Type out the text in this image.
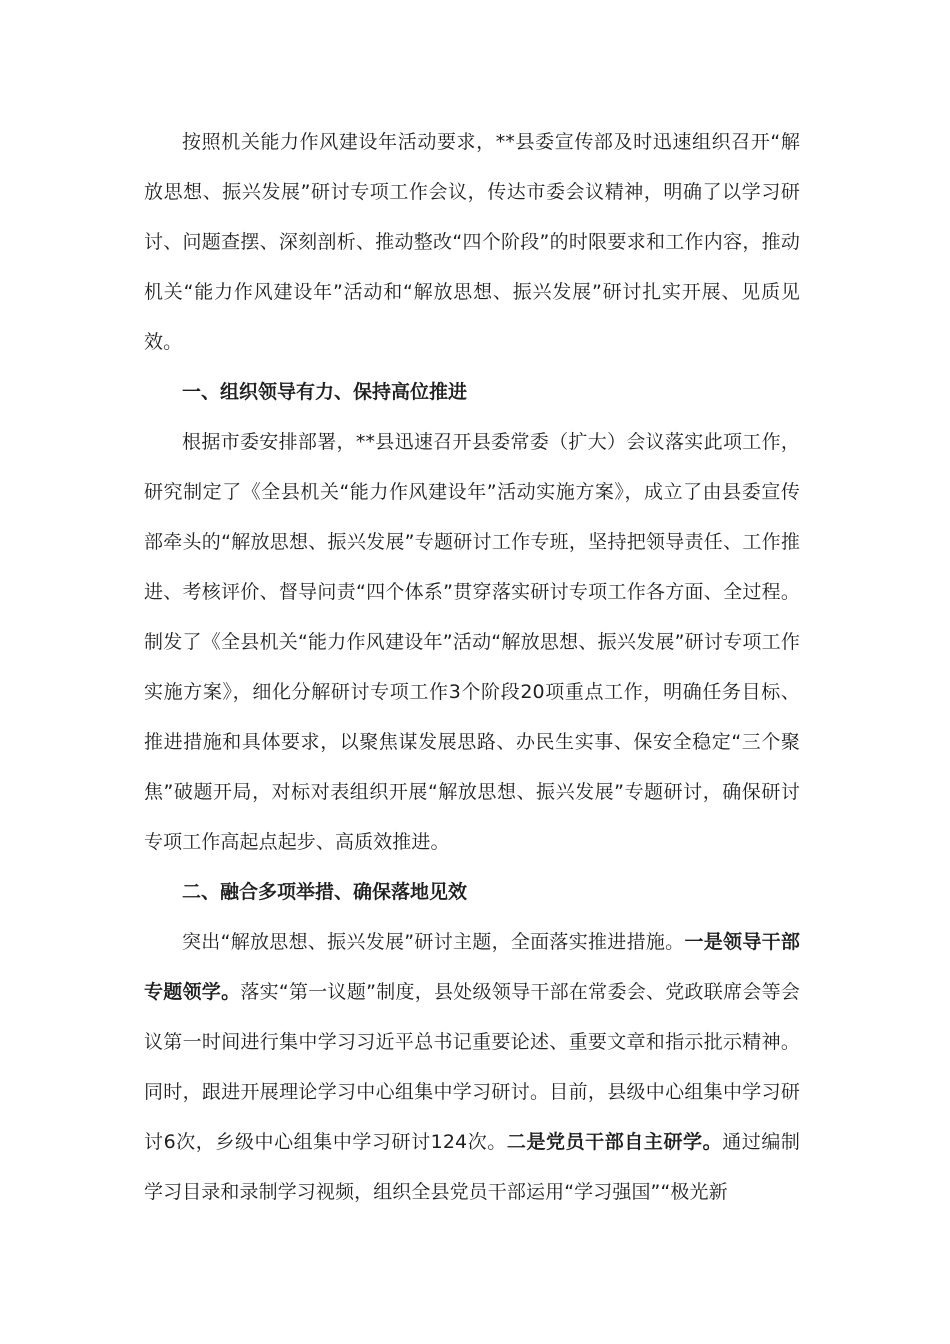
按照机关能力作风建设年活动要求，**县委宣传部及时迅速组织召开“解放思想、振兴发展”研讨专项工作会议，传达市委会议精神，明确了以学习研讨、问题查摆、深刻剖析、推动整改“四个阶段”的时限要求和工作内容，推动机关“能力作风建设年”活动和“解放思想、振兴发展”研讨扎实开展、见质见效。

一、组织领导有力、保持高位推进

根据市委安排部署，**县迅速召开县委常委（扩大）会议落实此项工作，研究制定了《全县机关“能力作风建设年”活动实施方案》，成立了由县委宣传部牵头的“解放思想、振兴发展”专题研讨工作专班，坚持把领导责任、工作推进、考核评价、督导问责“四个体系”贯穿落实研讨专项工作各方面、全过程。制发了《全县机关“能力作风建设年”活动“解放思想、振兴发展”研讨专项工作实施方案》，细化分解研讨专项工作3个阶段20项重点工作，明确任务目标、推进措施和具体要求，以聚焦谋发展思路、办民生实事、保安全稳定“三个聚焦”破题开局，对标对表组织开展“解放思想、振兴发展”专题研讨，确保研讨专项工作高起点起步、高质效推进。

二、融合多项举措、确保落地见效

突出“解放思想、振兴发展”研讨主题，全面落实推进措施。一是领导干部专题领学。落实“第一议题”制度，县处级领导干部在常委会、党政联席会等会议第一时间进行集中学习习近平总书记重要论述、重要文章和指示批示精神。同时，跟进开展理论学习中心组集中学习研讨。目前，县级中心组集中学习研讨6次，乡级中心组集中学习研讨124次。二是党员干部自主研学。通过编制学习目录和录制学习视频，组织全县党员干部运用“学习强国”“极光新
